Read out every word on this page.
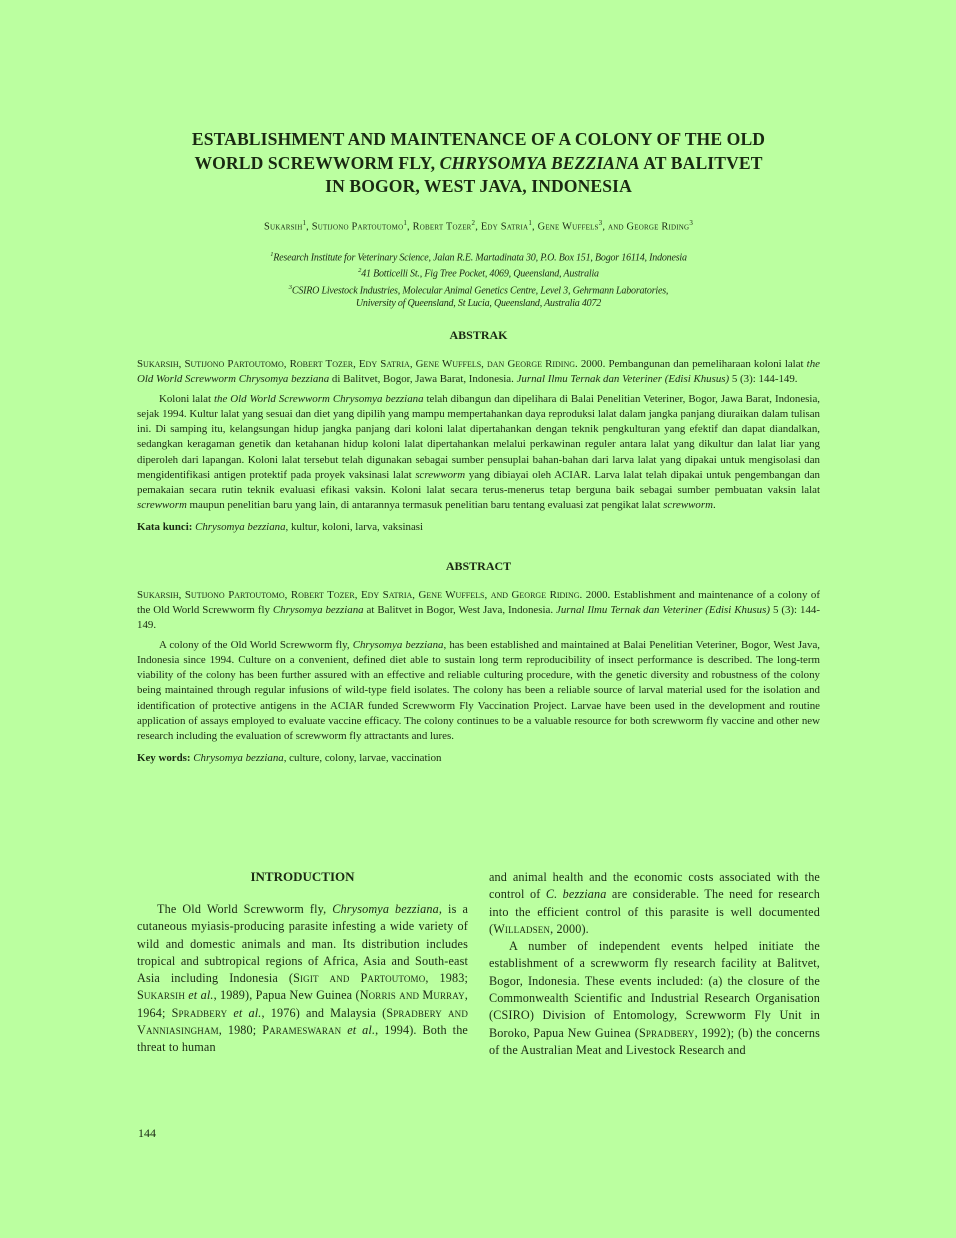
ESTABLISHMENT AND MAINTENANCE OF A COLONY OF THE OLD
WORLD SCREWWORM FLY, CHRYSOMYA BEZZIANA AT BALITVET
IN BOGOR, WEST JAVA, INDONESIA
Sukarsih$^1$, Sutijono Partoutomo$^1$, Robert Tozer$^2$, Edy Satria$^1$, Gene Wuffels$^3$, and George Riding$^3$
$^1$Research Institute for Veterinary Science, Jalan R.E. Martadinata 30, P.O. Box 151, Bogor 16114, Indonesia
$^2$41 Botticelli St., Fig Tree Pocket, 4069, Queensland, Australia
$^3$CSIRO Livestock Industries, Molecular Animal Genetics Centre, Level 3, Gehrmann Laboratories,
University of Queensland, St Lucia, Queensland, Australia 4072
ABSTRAK

Sukarsih, Sutijono Partoutomo, Robert Tozer, Edy Satria, Gene Wuffels, dan George Riding. 2000. Pembangunan dan pemeliharaan koloni lalat the Old World Screwworm Chrysomya bezziana di Balitvet, Bogor, Jawa Barat, Indonesia. Jurnal Ilmu Ternak dan Veteriner (Edisi Khusus) 5 (3): 144-149.

Koloni lalat the Old World Screwworm Chrysomya bezziana telah dibangun dan dipelihara di Balai Penelitian Veteriner, Bogor, Jawa Barat, Indonesia, sejak 1994. Kultur lalat yang sesuai dan diet yang dipilih yang mampu mempertahankan daya reproduksi lalat dalam jangka panjang diuraikan dalam tulisan ini. Di samping itu, kelangsungan hidup jangka panjang dari koloni lalat dipertahankan dengan teknik pengkulturan yang efektif dan dapat diandalkan, sedangkan keragaman genetik dan ketahanan hidup koloni lalat dipertahankan melalui perkawinan reguler antara lalat yang dikultur dan lalat liar yang diperoleh dari lapangan. Koloni lalat tersebut telah digunakan sebagai sumber pensuplai bahan-bahan dari larva lalat yang dipakai untuk mengisolasi dan mengidentifikasi antigen protektif pada proyek vaksinasi lalat screwworm yang dibiayai oleh ACIAR. Larva lalat telah dipakai untuk pengembangan dan pemakaian secara rutin teknik evaluasi efikasi vaksin. Koloni lalat secara terus-menerus tetap berguna baik sebagai sumber pembuatan vaksin lalat screwworm maupun penelitian baru yang lain, di antarannya termasuk penelitian baru tentang evaluasi zat pengikat lalat screwworm.

Kata kunci: Chrysomya bezziana, kultur, koloni, larva, vaksinasi

ABSTRACT

Sukarsih, Sutijono Partoutomo, Robert Tozer, Edy Satria, Gene Wuffels, and George Riding. 2000. Establishment and maintenance of a colony of the Old World Screwworm fly Chrysomya bezziana at Balitvet in Bogor, West Java, Indonesia. Jurnal Ilmu Ternak dan Veteriner (Edisi Khusus) 5 (3): 144-149.

A colony of the Old World Screwworm fly, Chrysomya bezziana, has been established and maintained at Balai Penelitian Veteriner, Bogor, West Java, Indonesia since 1994. Culture on a convenient, defined diet able to sustain long term reproducibility of insect performance is described. The long-term viability of the colony has been further assured with an effective and reliable culturing procedure, with the genetic diversity and robustness of the colony being maintained through regular infusions of wild-type field isolates. The colony has been a reliable source of larval material used for the isolation and identification of protective antigens in the ACIAR funded Screwworm Fly Vaccination Project. Larvae have been used in the development and routine application of assays employed to evaluate vaccine efficacy. The colony continues to be a valuable resource for both screwworm fly vaccine and other new research including the evaluation of screwworm fly attractants and lures.

Key words: Chrysomya bezziana, culture, colony, larvae, vaccination

INTRODUCTION

The Old World Screwworm fly, Chrysomya bezziana, is a cutaneous myiasis-producing parasite infesting a wide variety of wild and domestic animals and man. Its distribution includes tropical and subtropical regions of Africa, Asia and South-east Asia including Indonesia (Sigit and Partoutomo, 1983; Sukarsih et al., 1989), Papua New Guinea (Norris and Murray, 1964; Spradbery et al., 1976) and Malaysia (Spradbery and Vanniasingham, 1980; Parameswaran et al., 1994). Both the threat to human

and animal health and the economic costs associated with the control of C. bezziana are considerable. The need for research into the efficient control of this parasite is well documented (Willadsen, 2000).

A number of independent events helped initiate the establishment of a screwworm fly research facility at Balitvet, Bogor, Indonesia. These events included: (a) the closure of the Commonwealth Scientific and Industrial Research Organisation (CSIRO) Division of Entomology, Screwworm Fly Unit in Boroko, Papua New Guinea (Spradbery, 1992); (b) the concerns of the Australian Meat and Livestock Research and

144
